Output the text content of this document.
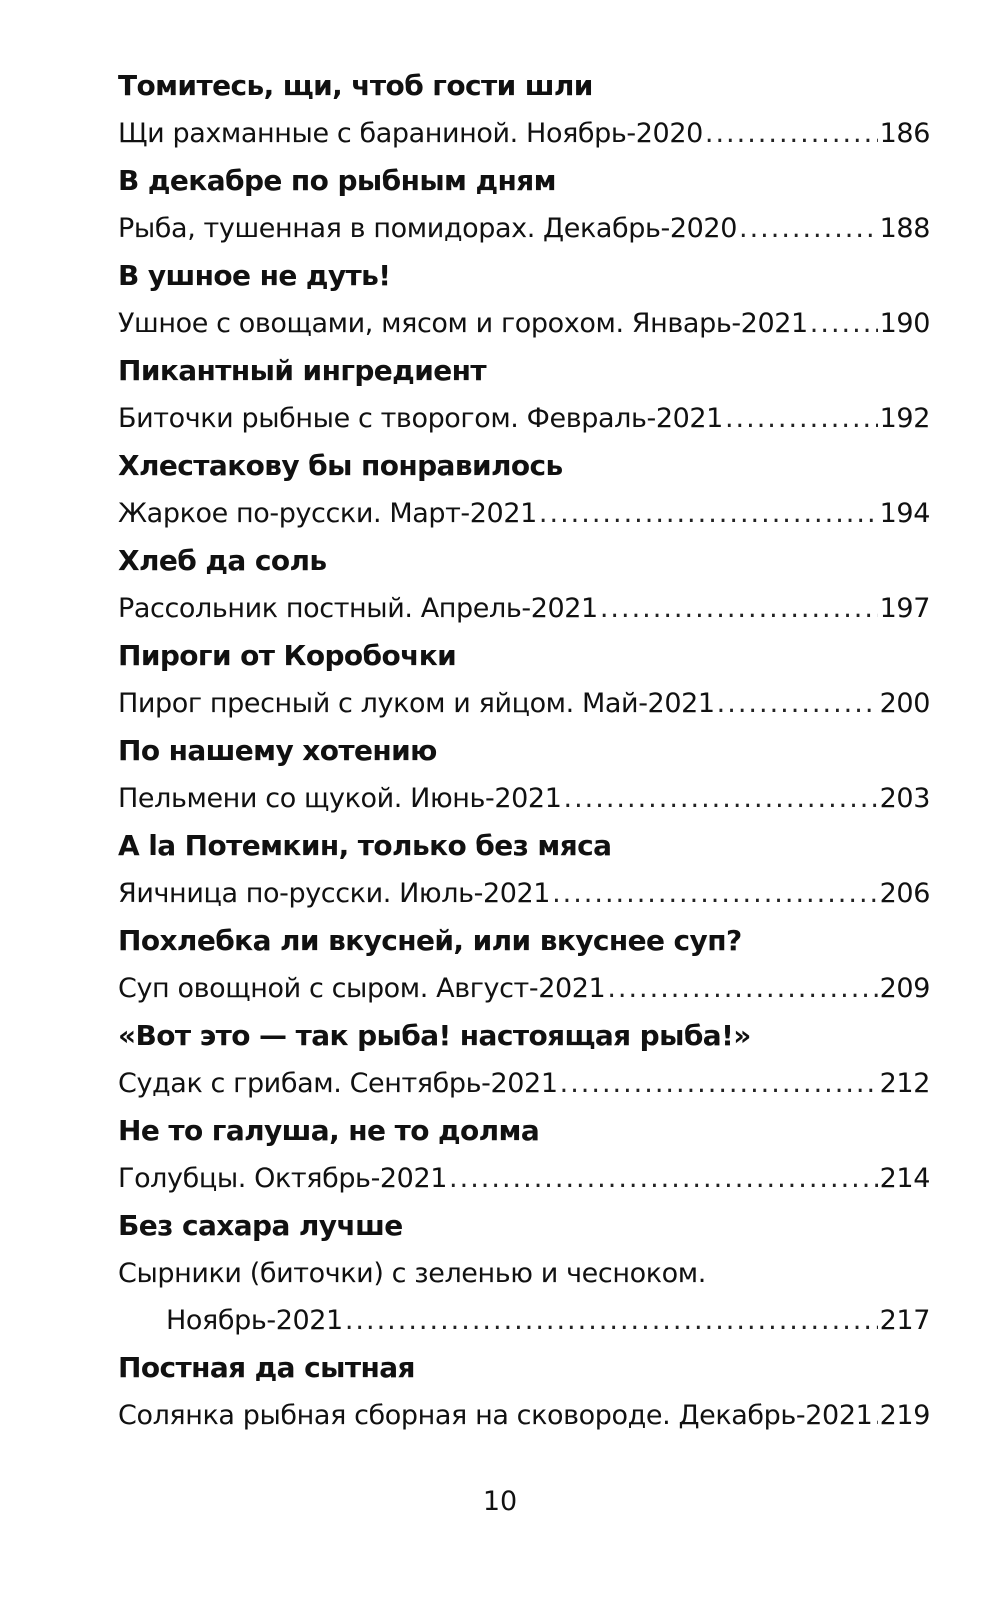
Томитесь, щи, чтоб гости шли
Щи рахманные с бараниной. Ноябрь-2020 .....	186
В декабре по рыбным дням
Рыба, тушенная в помидорах. Декабрь-2020 .....	188
В ушное не дуть!
Ушное с овощами, мясом и горохом. Январь-2021 .....	190
Пикантный ингредиент
Биточки рыбные с творогом. Февраль-2021 .....	192
Хлестакову бы понравилось
Жаркое по-русски. Март-2021 .....	194
Хлеб да соль
Рассольник постный. Апрель-2021 .....	197
Пироги от Коробочки
Пирог пресный с луком и яйцом. Май-2021 .....	200
По нашему хотению
Пельмени со щукой. Июнь-2021 .....	203
A la Потемкин, только без мяса
Яичница по-русски. Июль-2021 .....	206
Похлебка ли вкусней, или вкуснее суп?
Суп овощной с сыром. Август-2021 .....	209
«Вот это — так рыба! настоящая рыба!»
Судак с грибам. Сентябрь-2021 .....	212
Не то галуша, не то долма
Голубцы. Октябрь-2021 .....	214
Без сахара лучше
Сырники (биточки) с зеленью и чесноком.
Ноябрь-2021 .....	217
Постная да сытная
Солянка рыбная сборная на сковороде. Декабрь-2021 ..... 219
10
